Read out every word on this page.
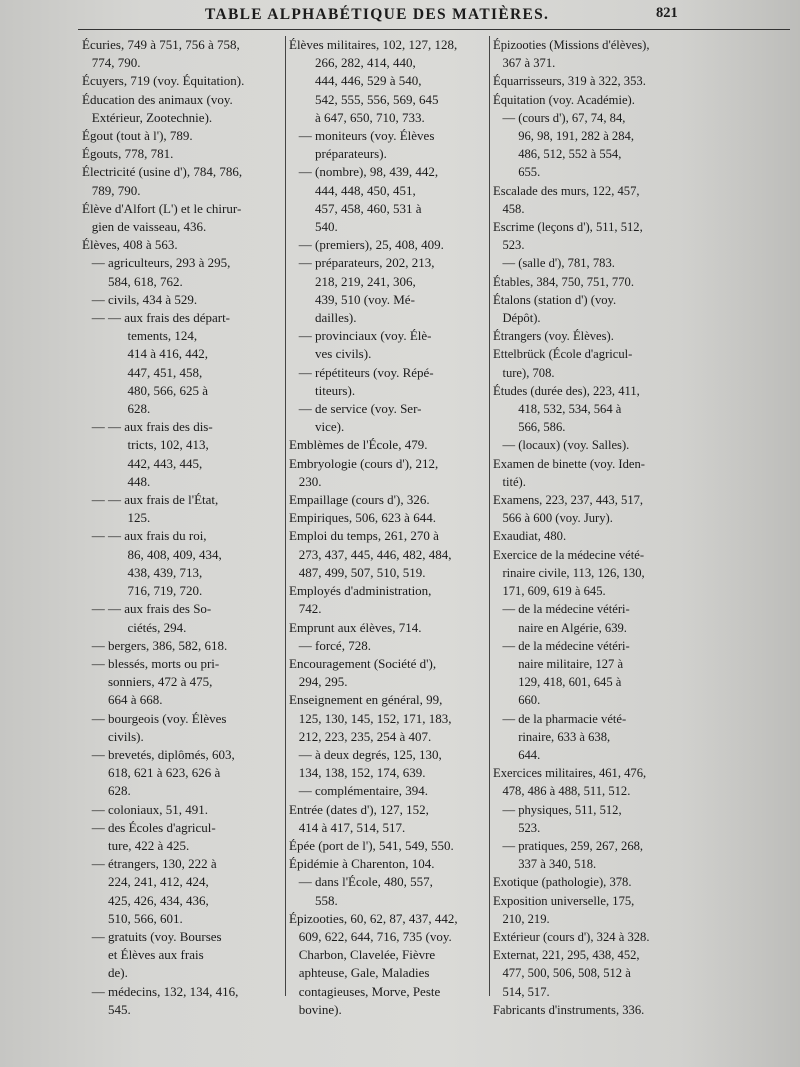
TABLE ALPHABÉTIQUE DES MATIÈRES.	821
Écuries, 749 à 751, 756 à 758,
774, 790.
Écuyers, 719 (voy. Équitation).
Éducation des animaux (voy.
Extérieur, Zootechnie).
Égout (tout à l'), 789.
Égouts, 778, 781.
Électricité (usine d'), 784, 786,
789, 790.
Élève d'Alfort (L') et le chirur-
gien de vaisseau, 436.
Élèves, 408 à 563.
— agriculteurs, 293 à 295,
584, 618, 762.
— civils, 434 à 529.
— — aux frais des départ-
tements, 124,
414 à 416, 442,
447, 451, 458,
480, 566, 625 à
628.
— — aux frais des dis-
tricts, 102, 413,
442, 443, 445,
448.
— — aux frais de l'État,
125.
— — aux frais du roi,
86, 408, 409, 434,
438, 439, 713,
716, 719, 720.
— — aux frais des So-
ciétés, 294.
— bergers, 386, 582, 618.
— blessés, morts ou pri-
sonniers, 472 à 475,
664 à 668.
— bourgeois (voy. Élèves
civils).
— brevetés, diplômés, 603,
618, 621 à 623, 626 à
628.
— coloniaux, 51, 491.
— des Écoles d'agricul-
ture, 422 à 425.
— étrangers, 130, 222 à
224, 241, 412, 424,
425, 426, 434, 436,
510, 566, 601.
— gratuits (voy. Bourses
et Élèves aux frais
de).
— médecins, 132, 134, 416,
545.
Élèves militaires, 102, 127, 128,
266, 282, 414, 440,
444, 446, 529 à 540,
542, 555, 556, 569, 645
à 647, 650, 710, 733.
— moniteurs (voy. Élèves
préparateurs).
— (nombre), 98, 439, 442,
444, 448, 450, 451,
457, 458, 460, 531 à
540.
— (premiers), 25, 408, 409.
— préparateurs, 202, 213,
218, 219, 241, 306,
439, 510 (voy. Mé-
dailles).
— provinciaux (voy. Élè-
ves civils).
— répétiteurs (voy. Répé-
titeurs).
— de service (voy. Ser-
vice).
Emblèmes de l'École, 479.
Embryologie (cours d'), 212,
230.
Empaillage (cours d'), 326.
Empiriques, 506, 623 à 644.
Emploi du temps, 261, 270 à
273, 437, 445, 446, 482, 484,
487, 499, 507, 510, 519.
Employés d'administration,
742.
Emprunt aux élèves, 714.
— forcé, 728.
Encouragement (Société d'),
294, 295.
Enseignement en général, 99,
125, 130, 145, 152, 171, 183,
212, 223, 235, 254 à 407.
— à deux degrés, 125, 130,
134, 138, 152, 174, 639.
— complémentaire, 394.
Entrée (dates d'), 127, 152,
414 à 417, 514, 517.
Épée (port de l'), 541, 549, 550.
Épidémie à Charenton, 104.
— dans l'École, 480, 557,
558.
Épizooties, 60, 62, 87, 437, 442,
609, 622, 644, 716, 735 (voy.
Charbon, Clavelée, Fièvre
aphteuse, Gale, Maladies
contagieuses, Morve, Peste
bovine).
Épizooties (Missions d'élèves),
367 à 371.
Équarrisseurs, 319 à 322, 353.
Équitation (voy. Académie).
— (cours d'), 67, 74, 84,
96, 98, 191, 282 à 284,
486, 512, 552 à 554,
655.
Escalade des murs, 122, 457,
458.
Escrime (leçons d'), 511, 512,
523.
— (salle d'), 781, 783.
Étables, 384, 750, 751, 770.
Étalons (station d') (voy.
Dépôt).
Étrangers (voy. Élèves).
Ettelbrück (École d'agricul-
ture), 708.
Études (durée des), 223, 411,
418, 532, 534, 564 à
566, 586.
— (locaux) (voy. Salles).
Examen de binette (voy. Iden-
tité).
Examens, 223, 237, 443, 517,
566 à 600 (voy. Jury).
Exaudiat, 480.
Exercice de la médecine vété-
rinaire civile, 113, 126, 130,
171, 609, 619 à 645.
— de la médecine vétéri-
naire en Algérie, 639.
— de la médecine vétéri-
naire militaire, 127 à
129, 418, 601, 645 à
660.
— de la pharmacie vété-
rinaire, 633 à 638,
644.
Exercices militaires, 461, 476,
478, 486 à 488, 511, 512.
— physiques, 511, 512,
523.
— pratiques, 259, 267, 268,
337 à 340, 518.
Exotique (pathologie), 378.
Exposition universelle, 175,
210, 219.
Extérieur (cours d'), 324 à 328.
Externat, 221, 295, 438, 452,
477, 500, 506, 508, 512 à
514, 517.
Fabricants d'instruments, 336.
